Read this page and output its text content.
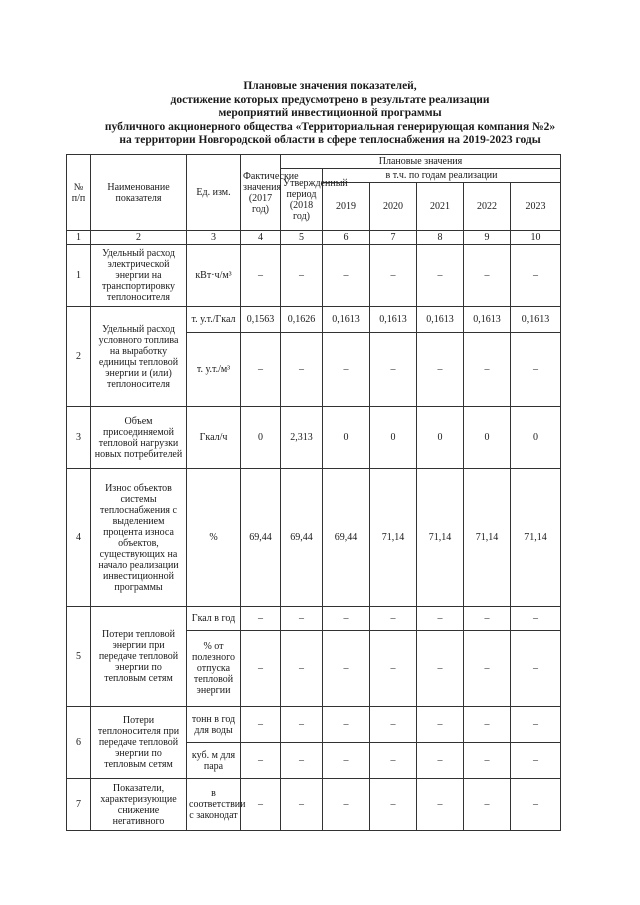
Плановые значения показателей,
достижение которых предусмотрено в результате реализации
мероприятий инвестиционной программы
публичного акционерного общества «Территориальная генерирующая компания №2»
на территории Новгородской области в сфере теплоснабжения на 2019-2023 годы
№ п/п	Наименование показателя	Ед. изм.	Фактические значения (2017 год)	Плановые значения					
				Утвержденный период (2018 год)	в т.ч. по годам реализации				
					2019	2020	2021	2022	2023
1	2	3	4	5	6	7	8	9	10
1	Удельный расход электрической энергии на транспортировку теплоносителя	кВт·ч/м³	–	–	–	–	–	–	–
2	Удельный расход условного топлива на выработку единицы тепловой энергии и (или) теплоносителя	т. у.т./Гкал	0,1563	0,1626	0,1613	0,1613	0,1613	0,1613	0,1613
		т. у.т./м³	–	–	–	–	–	–	–
3	Объем присоединяемой тепловой нагрузки новых потребителей	Гкал/ч	0	2,313	0	0	0	0	0
4	Износ объектов системы теплоснабжения с выделением процента износа объектов, существующих на начало реализации инвестиционной программы	%	69,44	69,44	69,44	71,14	71,14	71,14	71,14
5	Потери тепловой энергии при передаче тепловой энергии по тепловым сетям	Гкал в год	–	–	–	–	–	–	–
		% от полезного отпуска тепловой энергии	–	–	–	–	–	–	–
6	Потери теплоносителя при передаче тепловой энергии по тепловым сетям	тонн в год для воды	–	–	–	–	–	–	–
		куб. м для пара	–	–	–	–	–	–	–
7	Показатели, характеризующие снижение негативного	в соответствии с законодат	–	–	–	–	–	–	–
